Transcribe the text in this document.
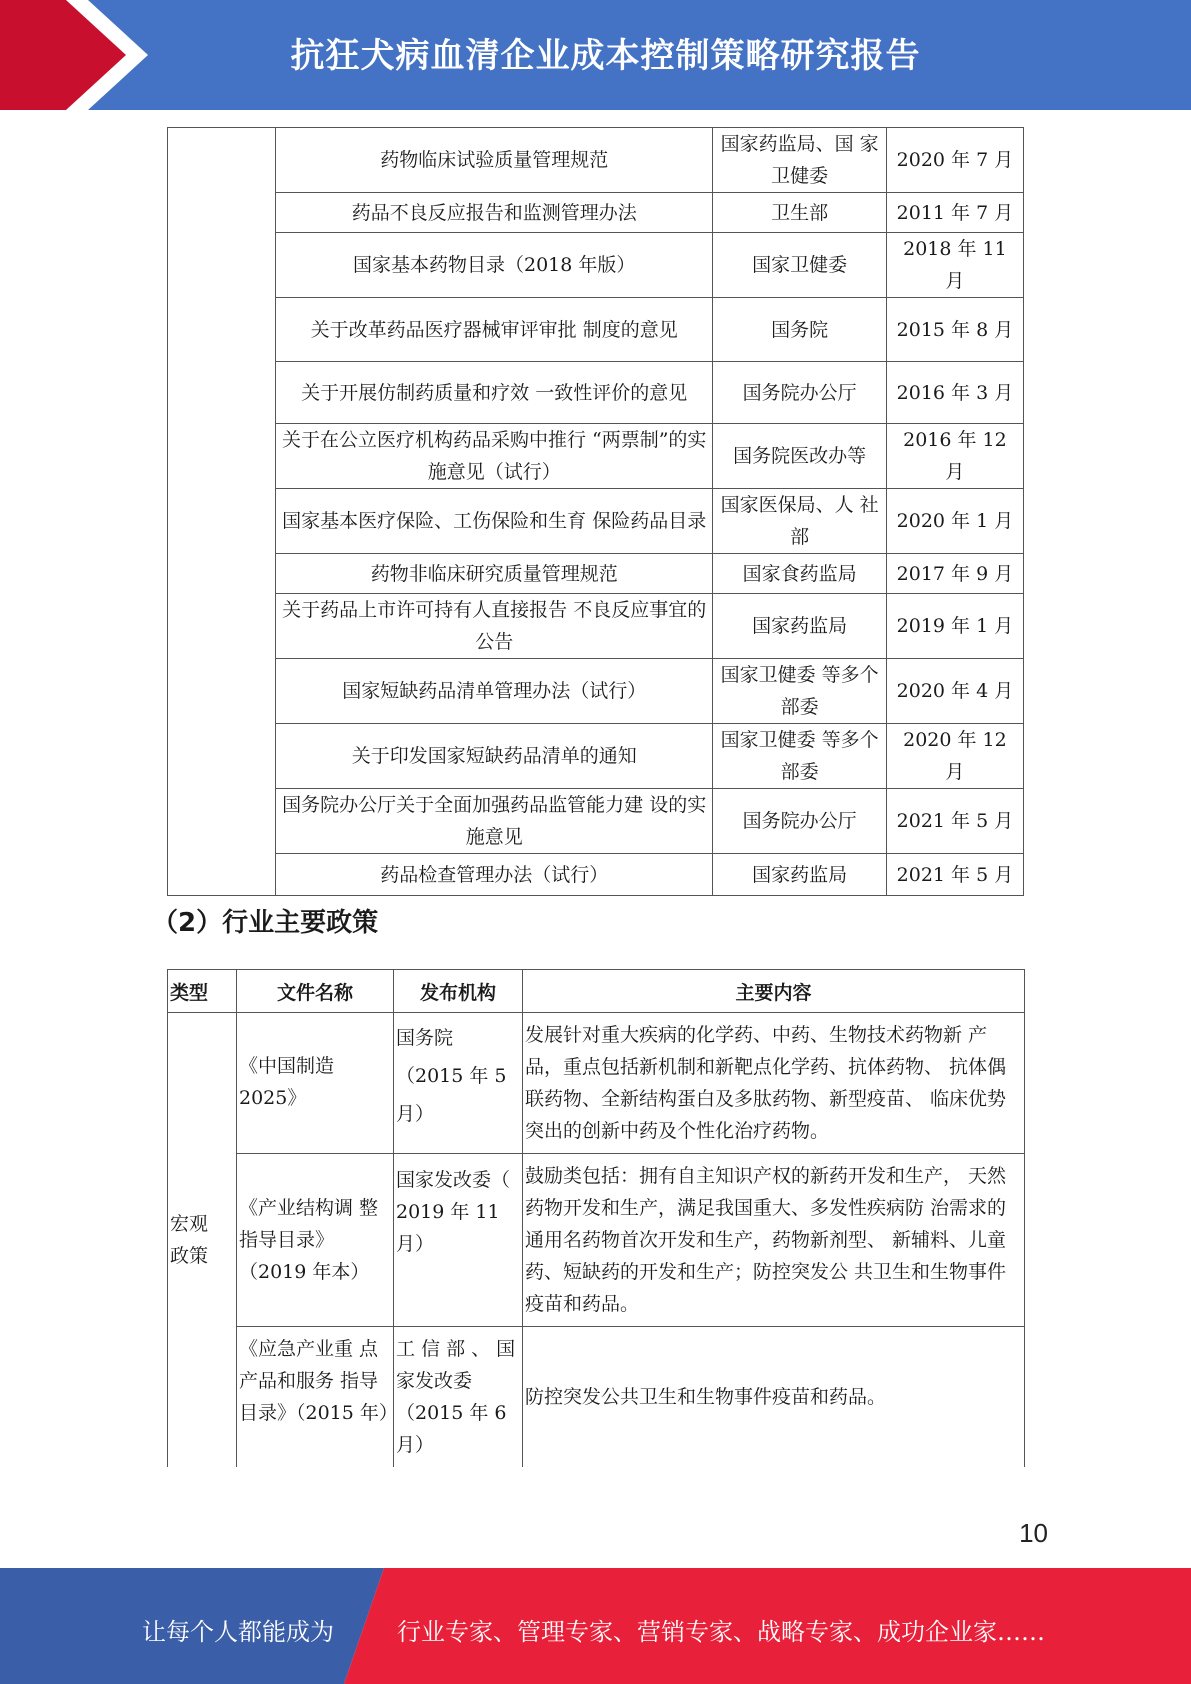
抗狂犬病血清企业成本控制策略研究报告
	药物临床试验质量管理规范	国家药监局、国 家卫健委	2020 年 7 月
	药品不良反应报告和监测管理办法	卫生部	2011 年 7 月
	国家基本药物目录（2018 年版）	国家卫健委	2018 年 11 月
	关于改革药品医疗器械审评审批 制度的意见	国务院	2015 年 8 月
	关于开展仿制药质量和疗效 一致性评价的意见	国务院办公厅	2016 年 3 月
	关于在公立医疗机构药品采购中推行 “两票制”的实施意见（试行）	国务院医改办等	2016 年 12 月
	国家基本医疗保险、工伤保险和生育 保险药品目录	国家医保局、人 社部	2020 年 1 月
	药物非临床研究质量管理规范	国家食药监局	2017 年 9 月
	关于药品上市许可持有人直接报告 不良反应事宜的公告	国家药监局	2019 年 1 月
	国家短缺药品清单管理办法（试行）	国家卫健委 等多个部委	2020 年 4 月
	关于印发国家短缺药品清单的通知	国家卫健委 等多个部委	2020 年 12 月
	国务院办公厅关于全面加强药品监管能力建 设的实施意见	国务院办公厅	2021 年 5 月
	药品检查管理办法（试行）	国家药监局	2021 年 5 月
（2）行业主要政策
类型	文件名称	发布机构	主要内容
宏观政策	《中国制造2025》	国务院（2015 年 5 月）	发展针对重大疾病的化学药、中药、生物技术药物新 产品，重点包括新机制和新靶点化学药、抗体药物、 抗体偶联药物、全新结构蛋白及多肽药物、新型疫苗、 临床优势突出的创新中药及个性化治疗药物。
	《产业结构调 整指导目录》（2019 年本）	国家发改委（ 2019 年 11 月）	鼓励类包括：拥有自主知识产权的新药开发和生产， 天然药物开发和生产，满足我国重大、多发性疾病防 治需求的通用名药物首次开发和生产，药物新剂型、 新辅料、儿童药、短缺药的开发和生产；防控突发公 共卫生和生物事件疫苗和药品。
	《应急产业重 点产品和服务 指导目录》（2015 年）	工 信 部 、 国家发改委（2015 年 6 月）	防控突发公共卫生和生物事件疫苗和药品。
10
让每个人都能成为	行业专家、管理专家、营销专家、战略专家、成功企业家……
